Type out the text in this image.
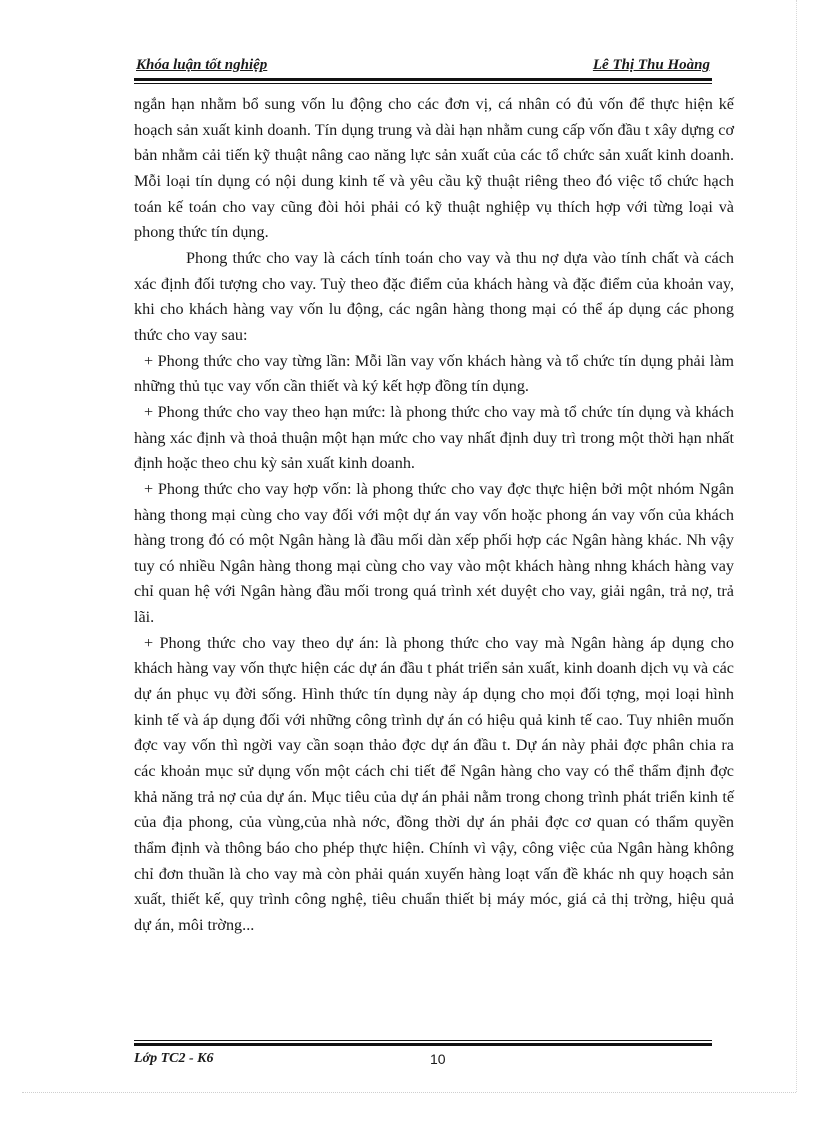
Khóa luận tốt nghiệp	Lê Thị Thu Hoàng

ngắn hạn nhằm bổ sung vốn lu động cho các đơn vị, cá nhân có đủ vốn để thực hiện kế hoạch sản xuất kinh doanh. Tín dụng trung và dài hạn nhằm cung cấp vốn đầu t xây dựng cơ bản nhằm cải tiến kỹ thuật nâng cao năng lực sản xuất của các tổ chức sản xuất kinh doanh. Mỗi loại tín dụng có nội dung kinh tế và yêu cầu kỹ thuật riêng theo đó việc tổ chức hạch toán kế toán cho vay cũng đòi hỏi phải có kỹ thuật nghiệp vụ thích hợp với từng loại và phong thức tín dụng.

Phong thức cho vay là cách tính toán cho vay và thu nợ dựa vào tính chất và cách xác định đối tượng cho vay. Tuỳ theo đặc điểm của khách hàng và đặc điểm của khoản vay, khi cho khách hàng vay vốn lu động, các ngân hàng thong mại có thể áp dụng các phong thức cho vay sau:

+ Phong thức cho vay từng lần: Mỗi lần vay vốn khách hàng và tổ chức tín dụng phải làm những thủ tục vay vốn cần thiết và ký kết hợp đồng tín dụng.

+ Phong thức cho vay theo hạn mức: là phong thức cho vay mà tổ chức tín dụng và khách hàng xác định và thoả thuận một hạn mức cho vay nhất định duy trì trong một thời hạn nhất định hoặc theo chu kỳ sản xuất kinh doanh.

+ Phong thức cho vay hợp vốn: là phong thức cho vay đợc thực hiện bởi một nhóm Ngân hàng thong mại cùng cho vay đối với một dự án vay vốn hoặc phong án vay vốn của khách hàng trong đó có một Ngân hàng là đầu mối dàn xếp phối hợp các Ngân hàng khác. Nh vậy tuy có nhiều Ngân hàng thong mại cùng cho vay vào một khách hàng nhng khách hàng vay chỉ quan hệ với Ngân hàng đầu mối trong quá trình xét duyệt cho vay, giải ngân, trả nợ, trả lãi.

+ Phong thức cho vay theo dự án: là phong thức cho vay mà Ngân hàng áp dụng cho khách hàng vay vốn thực hiện các dự án đầu t phát triển sản xuất, kinh doanh dịch vụ và các dự án phục vụ đời sống. Hình thức tín dụng này áp dụng cho mọi đối tợng, mọi loại hình kinh tế và áp dụng đối với những công trình dự án có hiệu quả kinh tế cao. Tuy nhiên muốn đợc vay vốn thì ngời vay cần soạn thảo đợc dự án đầu t. Dự án này phải đợc phân chia ra các khoản mục sử dụng vốn một cách chi tiết để Ngân hàng cho vay có thể thẩm định đợc khả năng trả nợ của dự án. Mục tiêu của dự án phải nằm trong chong trình phát triển kinh tế của địa phong, của vùng,của nhà nớc, đồng thời dự án phải đợc cơ quan có thẩm quyền thẩm định và thông báo cho phép thực hiện. Chính vì vậy, công việc của Ngân hàng không chỉ đơn thuần là cho vay mà còn phải quán xuyến hàng loạt vấn đề khác nh quy hoạch sản xuất, thiết kế, quy trình công nghệ, tiêu chuẩn thiết bị máy móc, giá cả thị trờng, hiệu quả dự án, môi trờng...

Lớp TC2 - K6	10
